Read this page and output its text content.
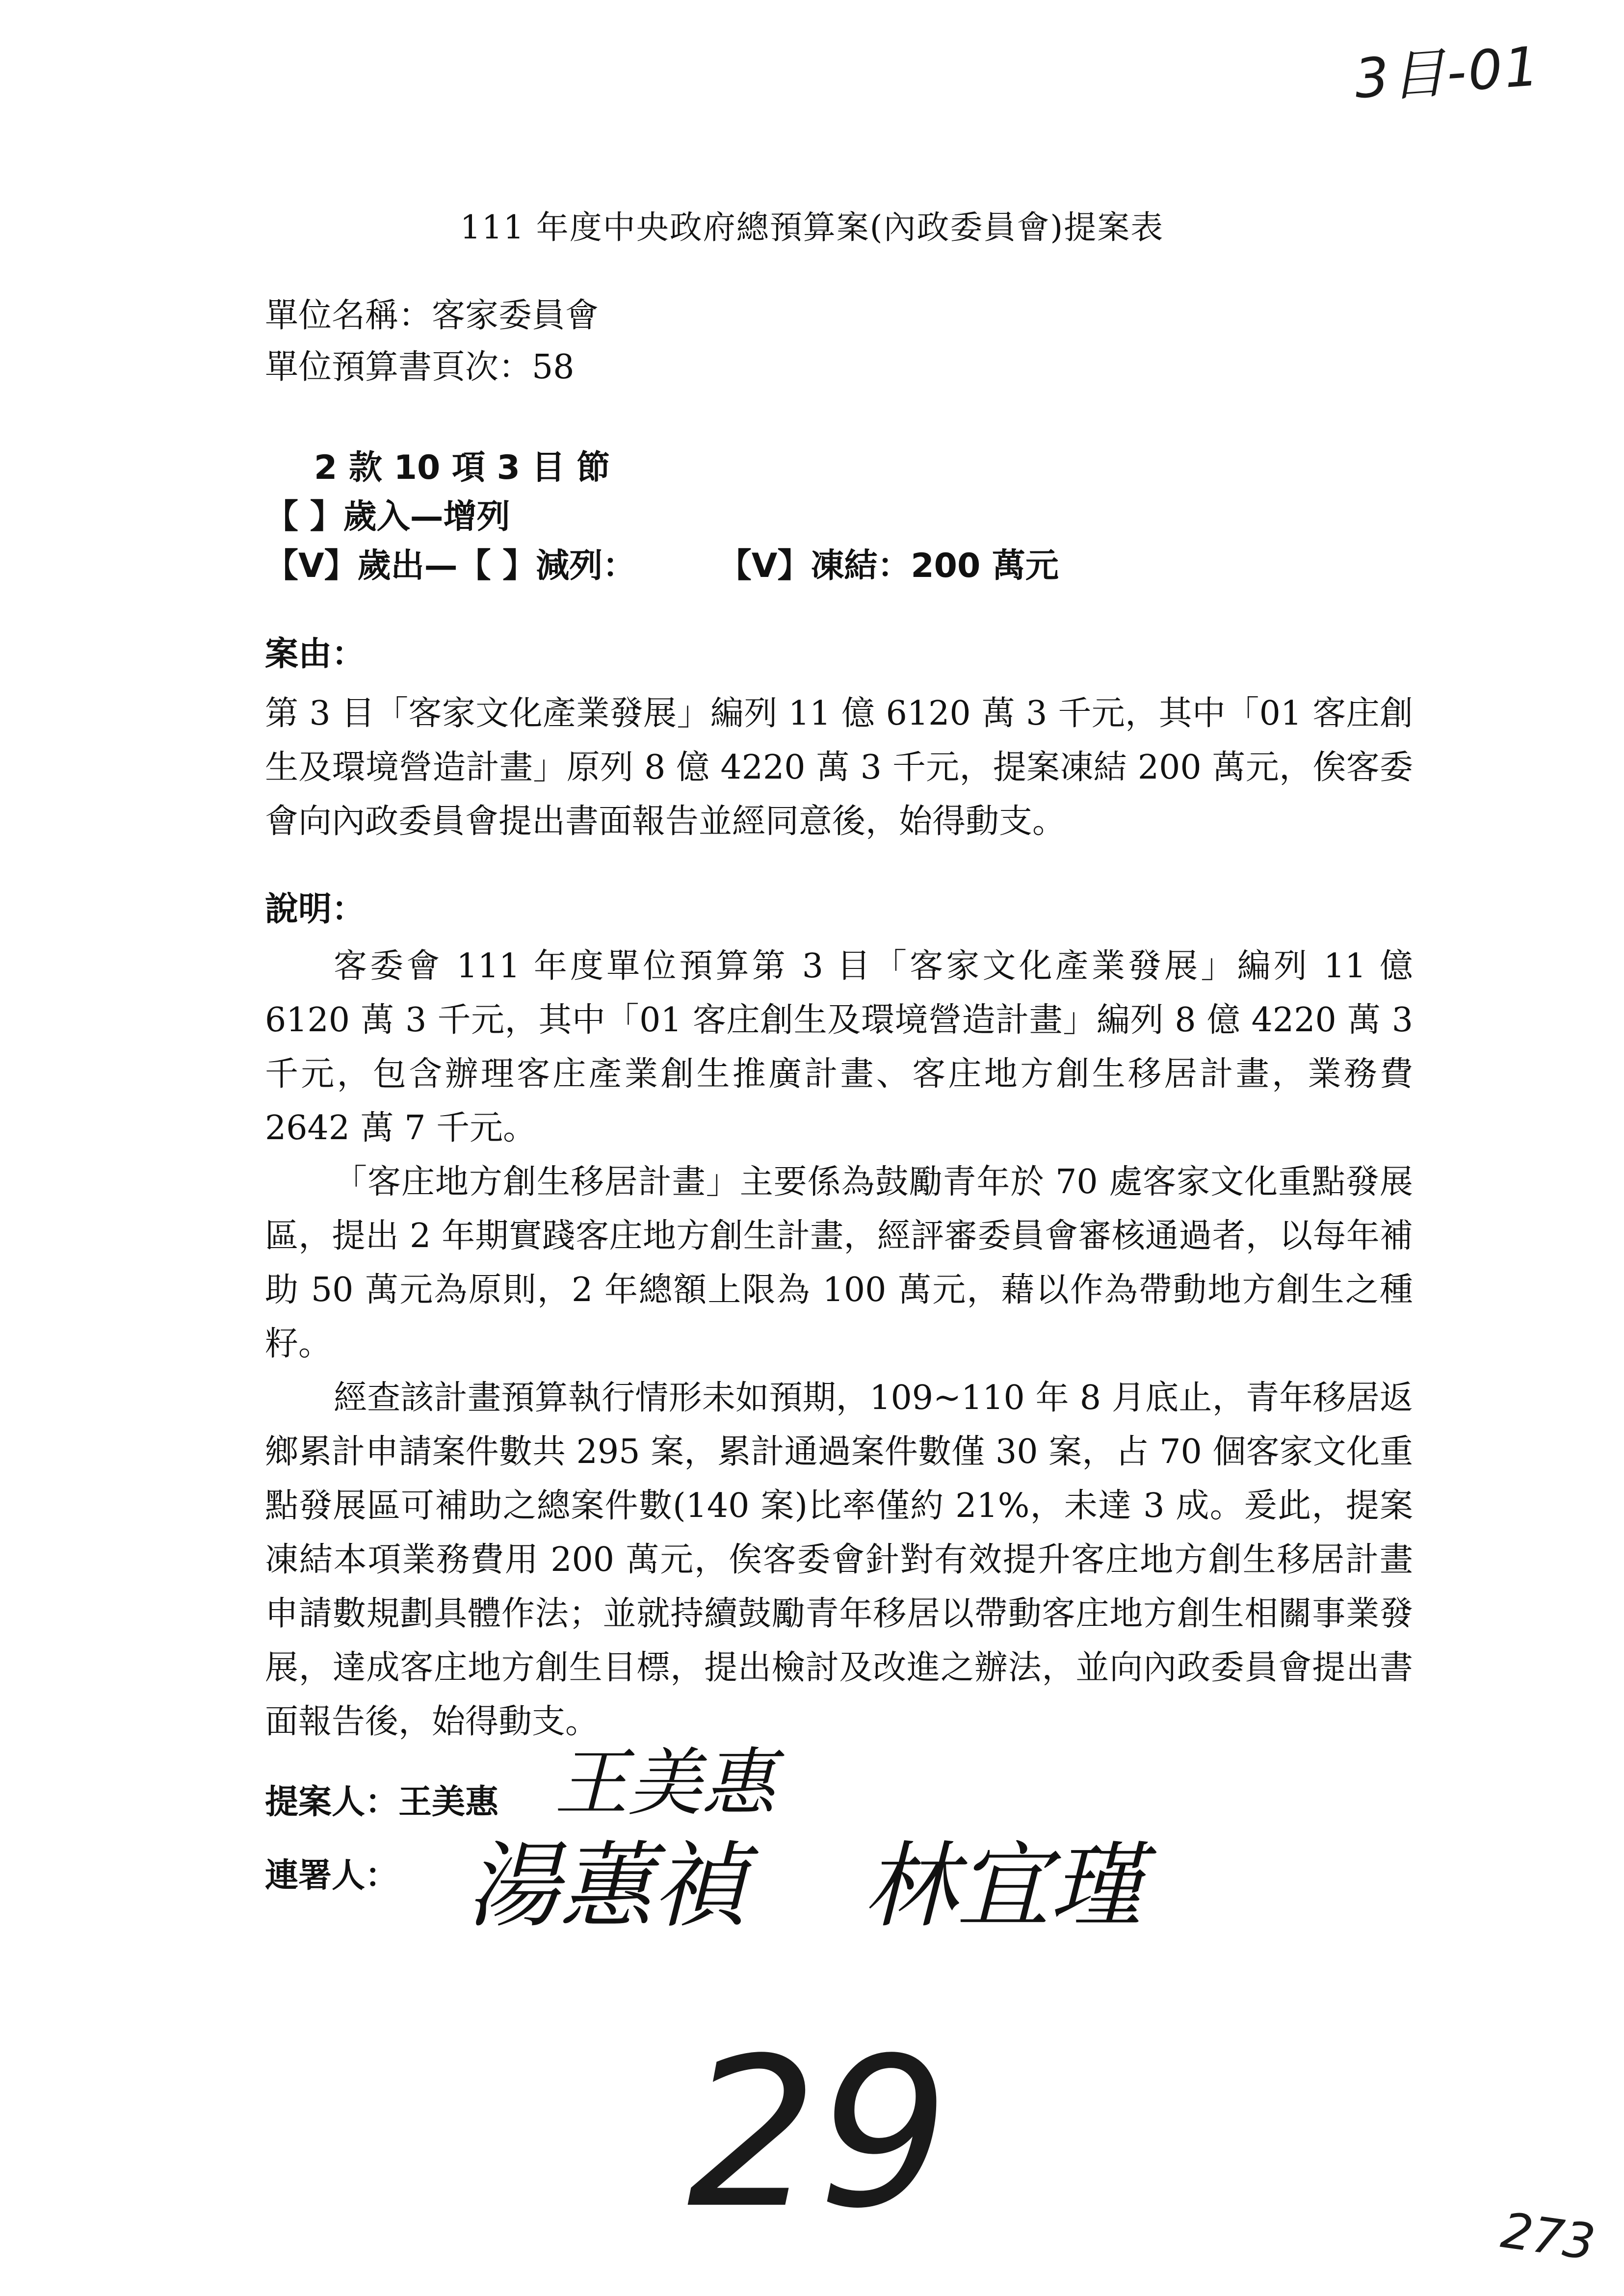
3目-01
111 年度中央政府總預算案(內政委員會)提案表
單位名稱：客家委員會
單位預算書頁次：58
2 款 10 項 3 目 節
【 】歲入—增列
【V】歲出—【 】減列： 【V】凍結：200 萬元
案由：

第 3 目「客家文化產業發展」編列 11 億 6120 萬 3 千元，其中「01 客庄創生及環境營造計畫」原列 8 億 4220 萬 3 千元，提案凍結 200 萬元，俟客委會向內政委員會提出書面報告並經同意後，始得動支。

說明：

客委會 111 年度單位預算第 3 目「客家文化產業發展」編列 11 億 6120 萬 3 千元，其中「01 客庄創生及環境營造計畫」編列 8 億 4220 萬 3 千元，包含辦理客庄產業創生推廣計畫、客庄地方創生移居計畫，業務費 2642 萬 7 千元。

「客庄地方創生移居計畫」主要係為鼓勵青年於 70 處客家文化重點發展區，提出 2 年期實踐客庄地方創生計畫，經評審委員會審核通過者，以每年補助 50 萬元為原則，2 年總額上限為 100 萬元，藉以作為帶動地方創生之種籽。

經查該計畫預算執行情形未如預期，109~110 年 8 月底止，青年移居返鄉累計申請案件數共 295 案，累計通過案件數僅 30 案，占 70 個客家文化重點發展區可補助之總案件數(140 案)比率僅約 21%，未達 3 成。爰此，提案凍結本項業務費用 200 萬元，俟客委會針對有效提升客庄地方創生移居計畫申請數規劃具體作法；並就持續鼓勵青年移居以帶動客庄地方創生相關事業發展，達成客庄地方創生目標，提出檢討及改進之辦法，並向內政委員會提出書面報告後，始得動支。

提案人：王美惠 王美惠
連署人： 湯蕙禎 林宜瑾
29	273
